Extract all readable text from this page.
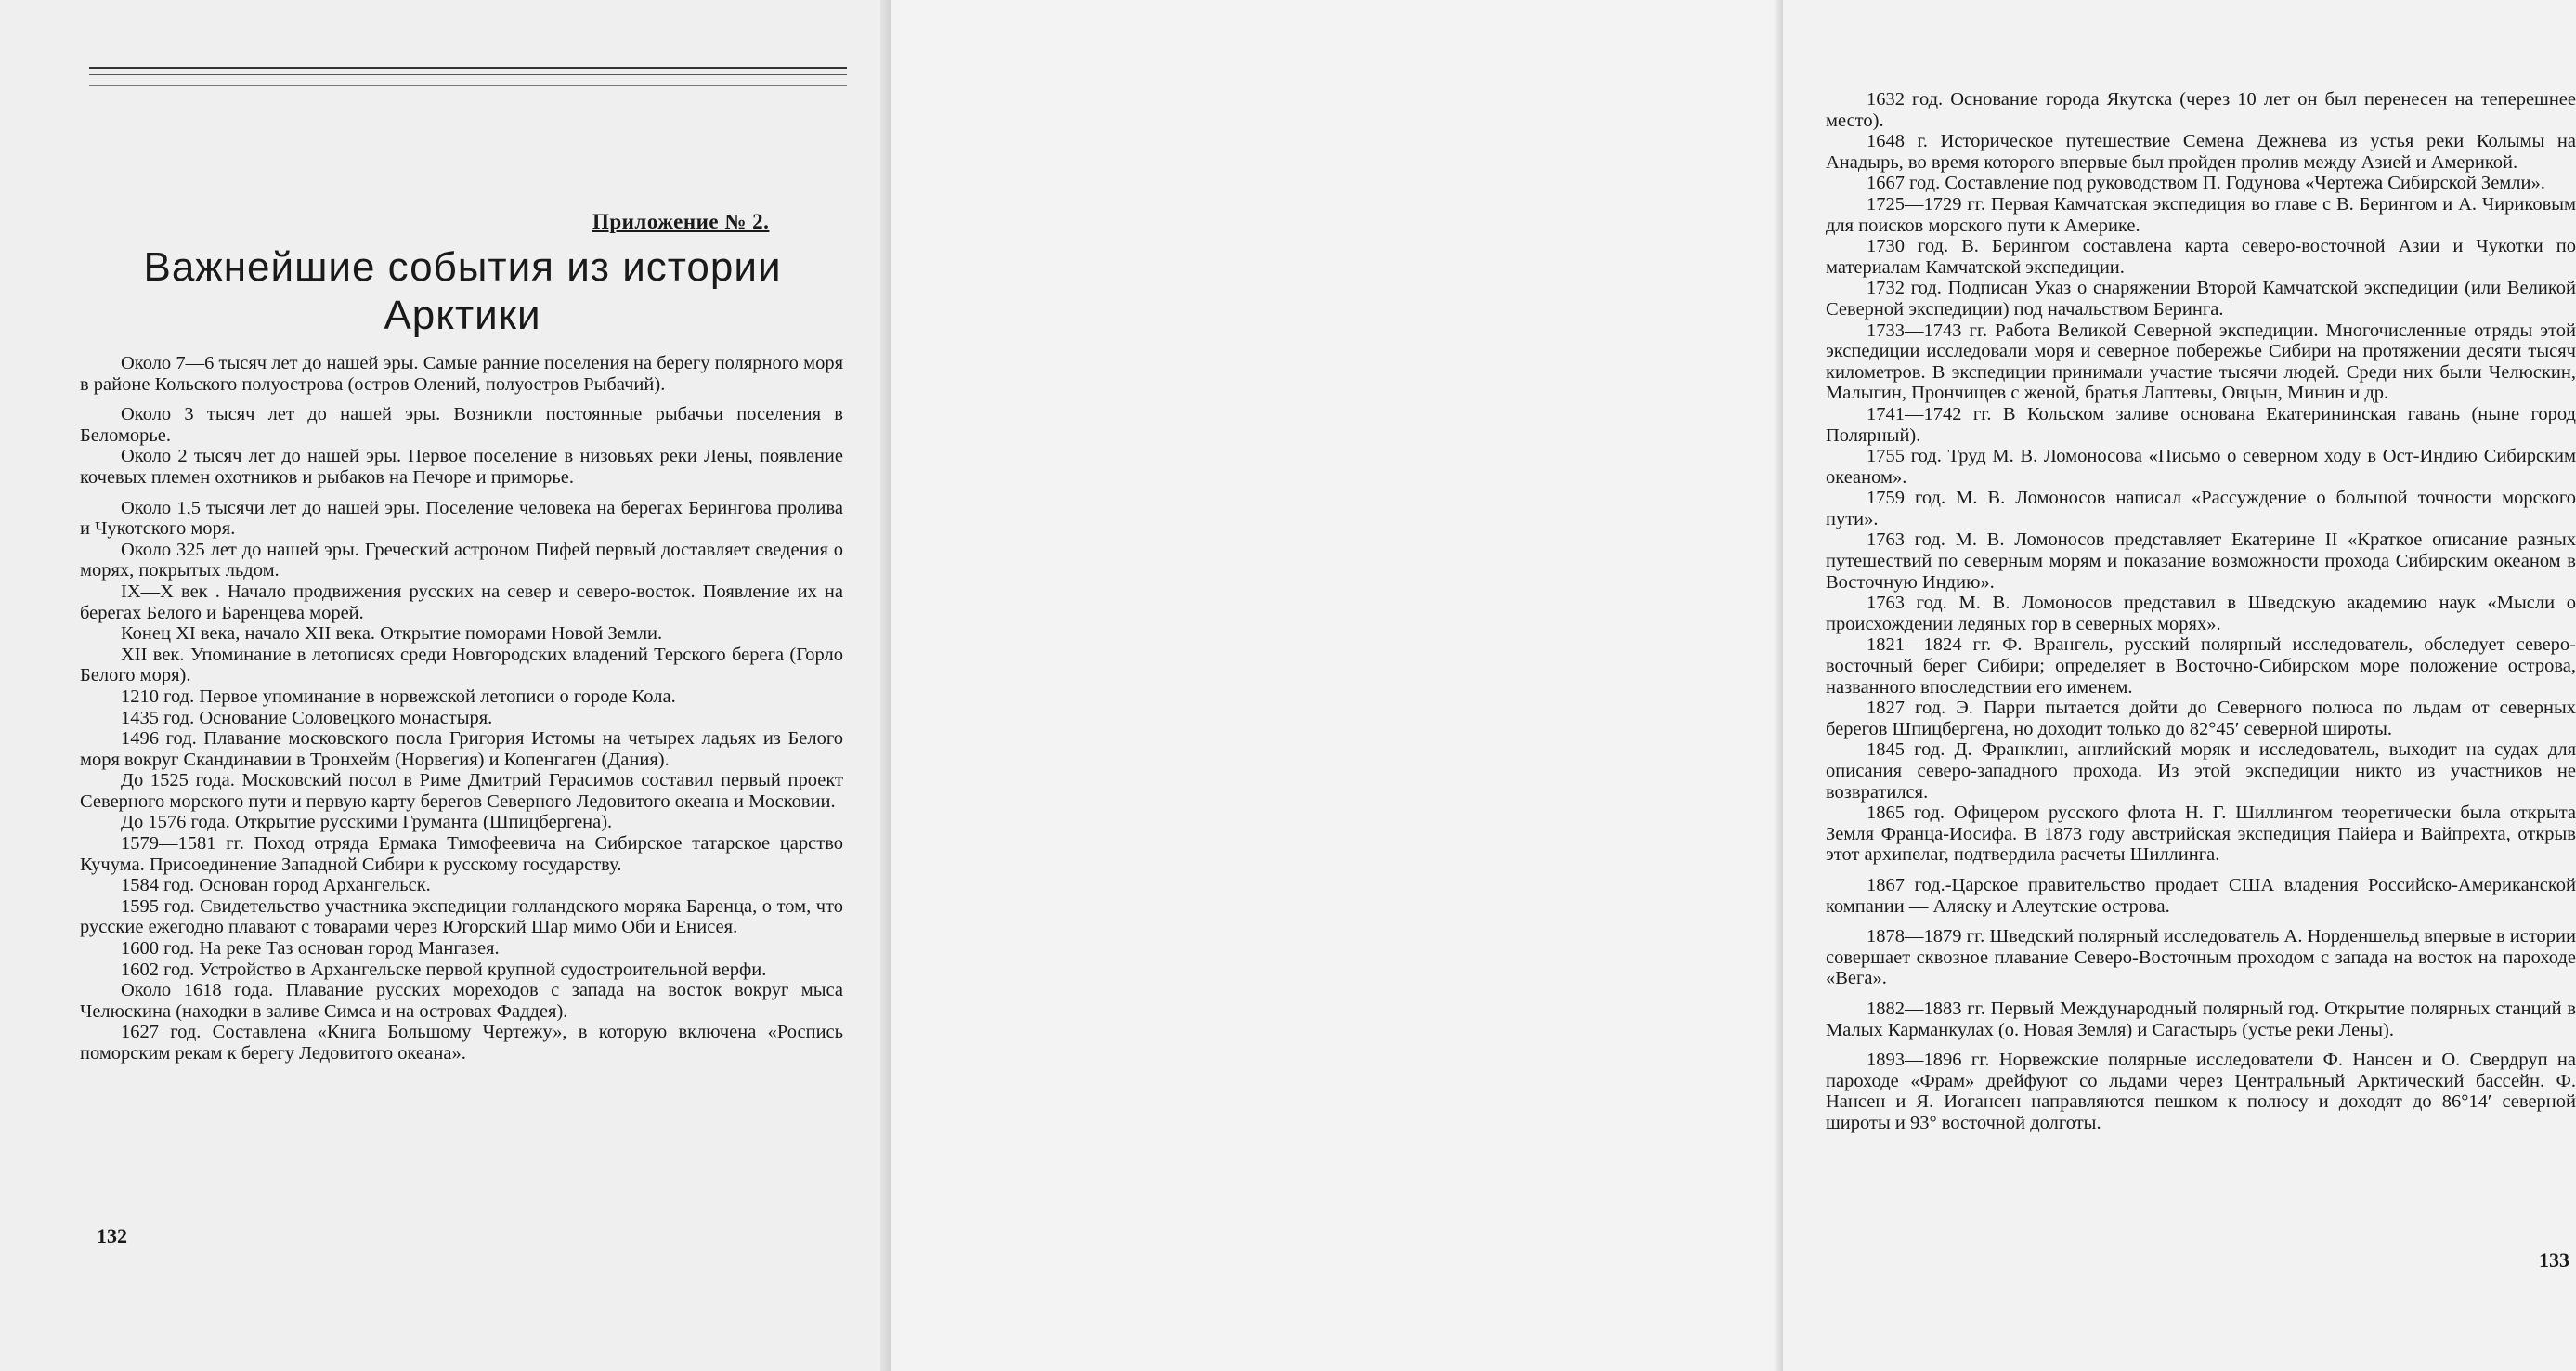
Приложение № 2.
Важнейшие события из истории Арктики

Около 7—6 тысяч лет до нашей эры. Самые ранние поселения на берегу полярного моря в районе Кольского полуострова (остров Олений, полуостров Рыбачий).

Около 3 тысяч лет до нашей эры. Возникли постоянные рыбачьи поселения в Беломорье.

Около 2 тысяч лет до нашей эры. Первое поселение в низовьях реки Лены, появление кочевых племен охотников и рыбаков на Печоре и приморье.

Около 1,5 тысячи лет до нашей эры. Поселение человека на берегах Берингова пролива и Чукотского моря.

Около 325 лет до нашей эры. Греческий астроном Пифей первый доставляет сведения о морях, покрытых льдом.

IX—X век . Начало продвижения русских на север и северо-восток. Появление их на берегах Белого и Баренцева морей.

Конец XI века, начало XII века. Открытие поморами Новой Земли.

XII век. Упоминание в летописях среди Новгородских владений Терского берега (Горло Белого моря).

1210 год. Первое упоминание в норвежской летописи о городе Кола.

1435 год. Основание Соловецкого монастыря.

1496 год. Плавание московского посла Григория Истомы на четырех ладьях из Белого моря вокруг Скандинавии в Тронхейм (Норвегия) и Копенгаген (Дания).

До 1525 года. Московский посол в Риме Дмитрий Герасимов составил первый проект Северного морского пути и первую карту берегов Северного Ледовитого океана и Московии.

До 1576 года. Открытие русскими Груманта (Шпицбергена).

1579—1581 гг. Поход отряда Ермака Тимофеевича на Сибирское татарское царство Кучума. Присоединение Западной Сибири к русскому государству.

1584 год. Основан город Архангельск.

1595 год. Свидетельство участника экспедиции голландского моряка Баренца, о том, что русские ежегодно плавают с товарами через Югорский Шар мимо Оби и Енисея.

1600 год. На реке Таз основан город Мангазея.

1602 год. Устройство в Архангельске первой крупной судостроительной верфи.

Около 1618 года. Плавание русских мореходов с запада на восток вокруг мыса Челюскина (находки в заливе Симса и на островах Фаддея).

1627 год. Составлена «Книга Большому Чертежу», в которую включена «Роспись поморским рекам к берегу Ледовитого океана».

132

1632 год. Основание города Якутска (через 10 лет он был перенесен на теперешнее место).

1648 г. Историческое путешествие Семена Дежнева из устья реки Колымы на Анадырь, во время которого впервые был пройден пролив между Азией и Америкой.

1667 год. Составление под руководством П. Годунова «Чертежа Сибирской Земли».

1725—1729 гг. Первая Камчатская экспедиция во главе с В. Берингом и А. Чириковым для поисков морского пути к Америке.

1730 год. В. Берингом составлена карта северо-восточной Азии и Чукотки по материалам Камчатской экспедиции.

1732 год. Подписан Указ о снаряжении Второй Камчатской экспедиции (или Великой Северной экспедиции) под начальством Беринга.

1733—1743 гг. Работа Великой Северной экспедиции. Многочисленные отряды этой экспедиции исследовали моря и северное побережье Сибири на протяжении десяти тысяч километров. В экспедиции принимали участие тысячи людей. Среди них были Челюскин, Малыгин, Прончищев с женой, братья Лаптевы, Овцын, Минин и др.

1741—1742 гг. В Кольском заливе основана Екатерининская гавань (ныне город Полярный).

1755 год. Труд М. В. Ломоносова «Письмо о северном ходу в Ост-Индию Сибирским океаном».

1759 год. М. В. Ломоносов написал «Рассуждение о большой точности морского пути».

1763 год. М. В. Ломоносов представляет Екатерине II «Краткое описание разных путешествий по северным морям и показание возможности прохода Сибирским океаном в Восточную Индию».

1763 год. М. В. Ломоносов представил в Шведскую академию наук «Мысли о происхождении ледяных гор в северных морях».

1821—1824 гг. Ф. Врангель, русский полярный исследователь, обследует северо-восточный берег Сибири; определяет в Восточно-Сибирском море положение острова, названного впоследствии его именем.

1827 год. Э. Парри пытается дойти до Северного полюса по льдам от северных берегов Шпицбергена, но доходит только до 82°45′ северной широты.

1845 год. Д. Франклин, английский моряк и исследователь, выходит на судах для описания северо-западного прохода. Из этой экспедиции никто из участников не возвратился.

1865 год. Офицером русского флота Н. Г. Шиллингом теоретически была открыта Земля Франца-Иосифа. В 1873 году австрийская экспедиция Пайера и Вайпрехта, открыв этот архипелаг, подтвердила расчеты Шиллинга.

1867 год.-Царское правительство продает США владения Российско-Американской компании — Аляску и Алеутские острова.

1878—1879 гг. Шведский полярный исследователь А. Норденшельд впервые в истории совершает сквозное плавание Северо-Восточным проходом с запада на восток на пароходе «Вега».

1882—1883 гг. Первый Международный полярный год. Открытие полярных станций в Малых Карманкулах (о. Новая Земля) и Сагастырь (устье реки Лены).

1893—1896 гг. Норвежские полярные исследователи Ф. Нансен и О. Свердруп на пароходе «Фрам» дрейфуют со льдами через Центральный Арктический бассейн. Ф. Нансен и Я. Иогансен направляются пешком к полюсу и доходят до 86°14′ северной широты и 93° восточной долготы.

133
